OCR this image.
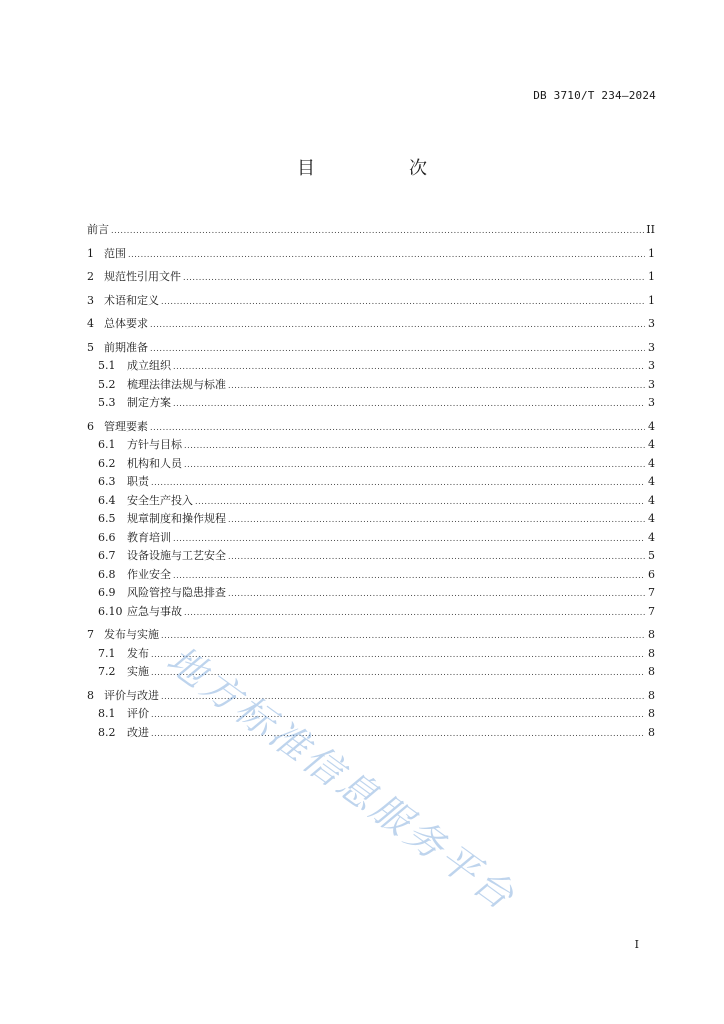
DB 3710/T 234—2024
目　次
前言 .....	II
1 范围 .....	1
2 规范性引用文件 .....	1
3 术语和定义 .....	1
4 总体要求 .....	3
5 前期准备 .....	3
5.1	成立组织 .....	3
5.2	梳理法律法规与标准 .....	3
5.3	制定方案 .....	3
6 管理要素 .....	4
6.1	方针与目标 .....	4
6.2	机构和人员 .....	4
6.3	职责 .....	4
6.4	安全生产投入 .....	4
6.5	规章制度和操作规程 .....	4
6.6	教育培训 .....	4
6.7	设备设施与工艺安全 .....	5
6.8	作业安全 .....	6
6.9	风险管控与隐患排查 .....	7
6.10 应急与事故 .....	7
7 发布与实施 .....	8
7.1	发布 .....	8
7.2	实施 .....	8
8 评价与改进 .....	8
8.1	评价 .....	8
8.2	改进 .....	8
地方标准信息服务平台
I
